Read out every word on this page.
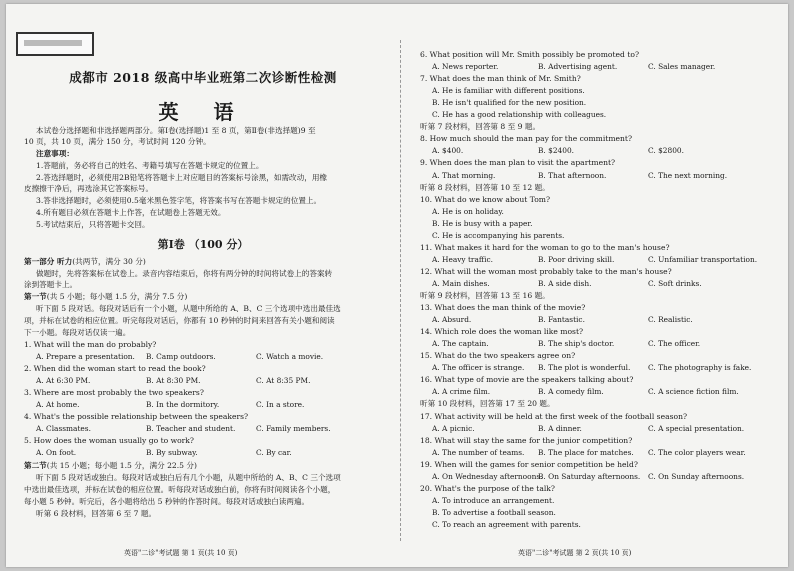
成都市 2018 级高中毕业班第二次诊断性检测
英 语
本试卷分选择题和非选择题两部分。第Ⅰ卷(选择题)1 至 8 页，第Ⅱ卷(非选择题)9 至
10 页，共 10 页，满分 150 分，考试时间 120 分钟。
注意事项：
1.答题前，务必将自己的姓名、考籍号填写在答题卡规定的位置上。
2.答选择题时，必须使用2B铅笔将答题卡上对应题目的答案标号涂黑，如需改动，用橡
皮擦擦干净后，再选涂其它答案标号。
3.答非选择题时，必须使用0.5毫米黑色签字笔，将答案书写在答题卡规定的位置上。
4.所有题目必须在答题卡上作答，在试题卷上答题无效。
5.考试结束后，只将答题卡交回。
第Ⅰ卷 （100 分）
第一部分 听力(共两节，满分 30 分)
做题时，先将答案标在试卷上。录音内容结束后，你将有两分钟的时间将试卷上的答案转
涂到答题卡上。
第一节(共 5 小题；每小题 1.5 分，满分 7.5 分)
听下面 5 段对话。每段对话后有一个小题，从题中所给的 A、B、C 三个选项中选出最佳选
项，并标在试卷的相应位置。听完每段对话后，你都有 10 秒钟的时间来回答有关小题和阅读
下一小题。每段对话仅读一遍。
1. What will the man do probably?
A. Prepare a presentation. B. Camp outdoors.	C. Watch a movie.
2. When did the woman start to read the book?
A. At 6:30 PM.	B. At 8:30 PM.	C. At 8:35 PM.
3. Where are most probably the two speakers?
A. At home.	B. In the dormitory.	C. In a store.
4. What's the possible relationship between the speakers?
A. Classmates.	B. Teacher and student.	C. Family members.
5. How does the woman usually go to work?
A. On foot.	B. By subway.	C. By car.
第二节(共 15 小题；每小题 1.5 分，满分 22.5 分)
听下面 5 段对话或独白。每段对话或独白后有几个小题，从题中所给的 A、B、C 三个选项
中选出最佳选项，并标在试卷的相应位置。听每段对话或独白前，你将有时间阅读各个小题，
每小题 5 秒钟。听完后，各小题将给出 5 秒钟的作答时间。每段对话或独白读两遍。
听第 6 段材料，回答第 6 至 7 题。
英语"二诊"考试题 第 1 页(共 10 页)	英语"二诊"考试题 第 2 页(共 10 页)
6. What position will Mr. Smith possibly be promoted to?
A. News reporter.	B. Advertising agent.	C. Sales manager.
7. What does the man think of Mr. Smith?
A. He is familiar with different positions.
B. He isn't qualified for the new position.
C. He has a good relationship with colleagues.
听第 7 段材料，回答第 8 至 9 题。
8. How much should the man pay for the commitment?
A. $400.	B. $2400.	C. $2800.
9. When does the man plan to visit the apartment?
A. That morning.	B. That afternoon.	C. The next morning.
听第 8 段材料，回答第 10 至 12 题。
10. What do we know about Tom?
A. He is on holiday.
B. He is busy with a paper.
C. He is accompanying his parents.
11. What makes it hard for the woman to go to the man's house?
A. Heavy traffic.	B. Poor driving skill.	C. Unfamiliar transportation.
12. What will the woman most probably take to the man's house?
A. Main dishes.	B. A side dish.	C. Soft drinks.
听第 9 段材料，回答第 13 至 16 题。
13. What does the man think of the movie?
A. Absurd.	B. Fantastic.	C. Realistic.
14. Which role does the woman like most?
A. The captain.	B. The ship's doctor.	C. The officer.
15. What do the two speakers agree on?
A. The officer is strange. B. The plot is wonderful. C. The photography is fake.
16. What type of movie are the speakers talking about?
A. A crime film.	B. A comedy film.	C. A science fiction film.
听第 10 段材料，回答第 17 至 20 题。
17. What activity will be held at the first week of the football season?
A. A picnic.	B. A dinner.	C. A special presentation.
18. What will stay the same for the junior competition?
A. The number of teams. B. The place for matches. C. The color players wear.
19. When will the games for senior competition be held?
A. On Wednesday afternoons.
B. On Saturday afternoons. C. On Sunday afternoons.
20. What's the purpose of the talk?
A. To introduce an arrangement.
B. To advertise a football season.
C. To reach an agreement with parents.
